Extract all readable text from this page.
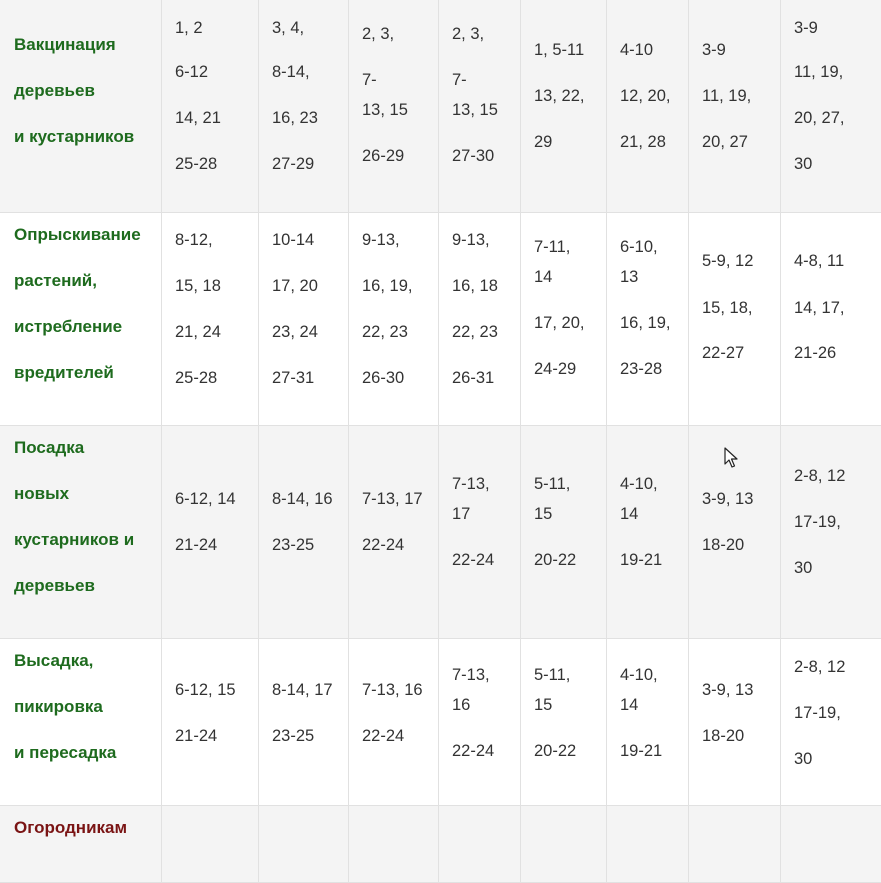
Вакцинация
деревьев
и кустарников	1, 2
6-12
14, 21
25-28	3, 4,
8-14,
16, 23
27-29	2, 3,
7-
13, 15
26-29	2, 3,
7-
13, 15
27-30	1, 5-11
13, 22,
29	4-10
12, 20,
21, 28	3-9
11, 19,
20, 27	3-9
11, 19,
20, 27,
30

Опрыскивание
растений,
истребление
вредителей	8-12,
15, 18
21, 24
25-28	10-14
17, 20
23, 24
27-31	9-13,
16, 19,
22, 23
26-30	9-13,
16, 18
22, 23
26-31	7-11,
14
17, 20,
24-29	6-10,
13
16, 19,
23-28	5-9, 12
15, 18,
22-27	4-8, 11
14, 17,
21-26

Посадка
новых
кустарников и
деревьев	6-12, 14
21-24	8-14, 16
23-25	7-13, 17
22-24	7-13,
17
22-24	5-11,
15
20-22	4-10,
14
19-21	3-9, 13
18-20	2-8, 12
17-19,
30

Высадка,
пикировка
и пересадка	6-12, 15
21-24	8-14, 17
23-25	7-13, 16
22-24	7-13,
16
22-24	5-11,
15
20-22	4-10,
14
19-21	3-9, 13
18-20	2-8, 12
17-19,
30

Огородникам								
